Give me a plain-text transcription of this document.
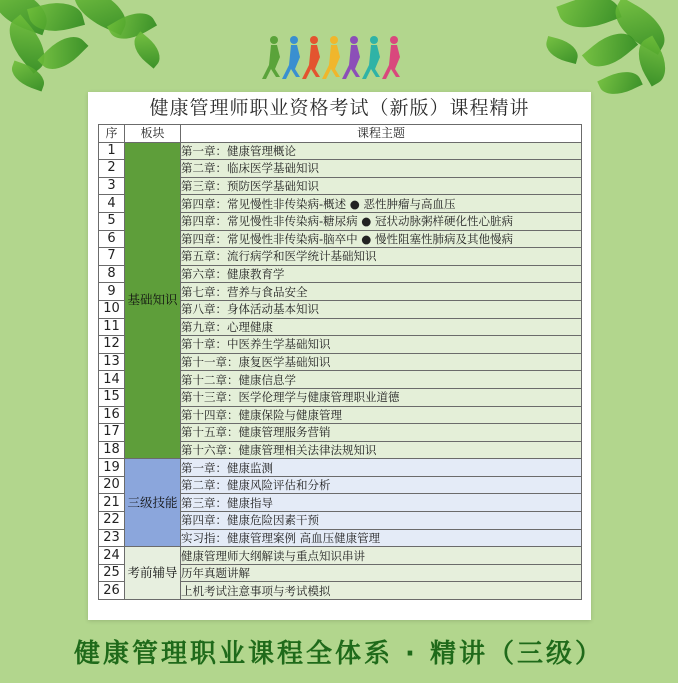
健康管理师职业资格考试（新版）课程精讲
序	板块	课程主题
1	基础知识	第一章：健康管理概论
2		第二章：临床医学基础知识
3		第三章：预防医学基础知识
4		第四章：常见慢性非传染病-概述 ● 恶性肿瘤与高血压
5		第四章：常见慢性非传染病-糖尿病 ● 冠状动脉粥样硬化性心脏病
6		第四章：常见慢性非传染病-脑卒中 ● 慢性阻塞性肺病及其他慢病
7		第五章：流行病学和医学统计基础知识
8		第六章：健康教育学
9		第七章：营养与食品安全
10		第八章：身体活动基本知识
11		第九章：心理健康
12		第十章：中医养生学基础知识
13		第十一章：康复医学基础知识
14		第十二章：健康信息学
15		第十三章：医学伦理学与健康管理职业道德
16		第十四章：健康保险与健康管理
17		第十五章：健康管理服务营销
18		第十六章：健康管理相关法律法规知识
19	三级技能	第一章：健康监测
20		第二章：健康风险评估和分析
21		第三章：健康指导
22		第四章：健康危险因素干预
23		实习指：健康管理案例 高血压健康管理
24	考前辅导	健康管理师大纲解读与重点知识串讲
25		历年真题讲解
26		上机考试注意事项与考试模拟
健康管理职业课程全体系 · 精讲（三级）
